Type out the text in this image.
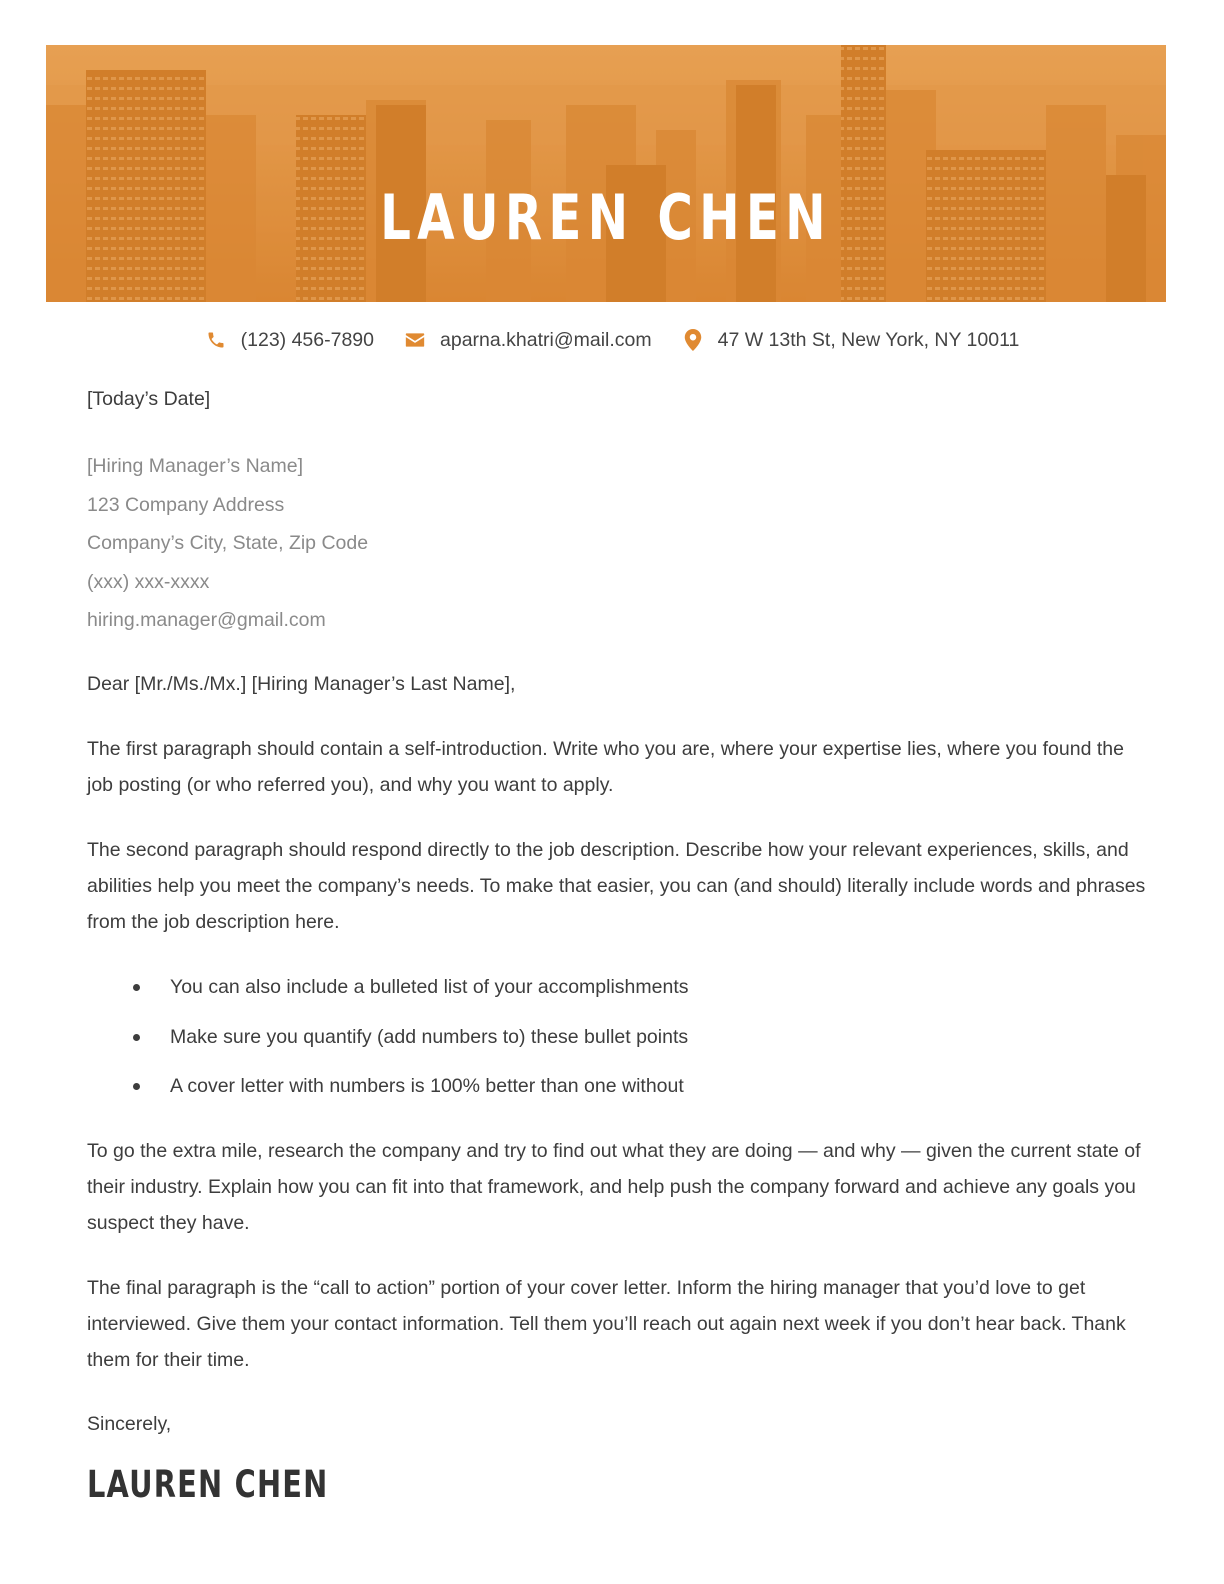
LAUREN CHEN
(123) 456-7890	aparna.khatri@mail.com	47 W 13th St, New York, NY 10011

[Today’s Date]

[Hiring Manager’s Name]
123 Company Address
Company’s City, State, Zip Code
(xxx) xxx-xxxx
hiring.manager@gmail.com

Dear [Mr./Ms./Mx.] [Hiring Manager’s Last Name],

The first paragraph should contain a self-introduction. Write who you are, where your expertise lies, where you found the job posting (or who referred you), and why you want to apply.

The second paragraph should respond directly to the job description. Describe how your relevant experiences, skills, and abilities help you meet the company’s needs. To make that easier, you can (and should) literally include words and phrases from the job description here.

You can also include a bulleted list of your accomplishments
Make sure you quantify (add numbers to) these bullet points
A cover letter with numbers is 100% better than one without

To go the extra mile, research the company and try to find out what they are doing — and why — given the current state of their industry. Explain how you can fit into that framework, and help push the company forward and achieve any goals you suspect they have.

The final paragraph is the “call to action” portion of your cover letter. Inform the hiring manager that you’d love to get interviewed. Give them your contact information. Tell them you’ll reach out again next week if you don’t hear back. Thank them for their time.

Sincerely,

LAUREN CHEN
